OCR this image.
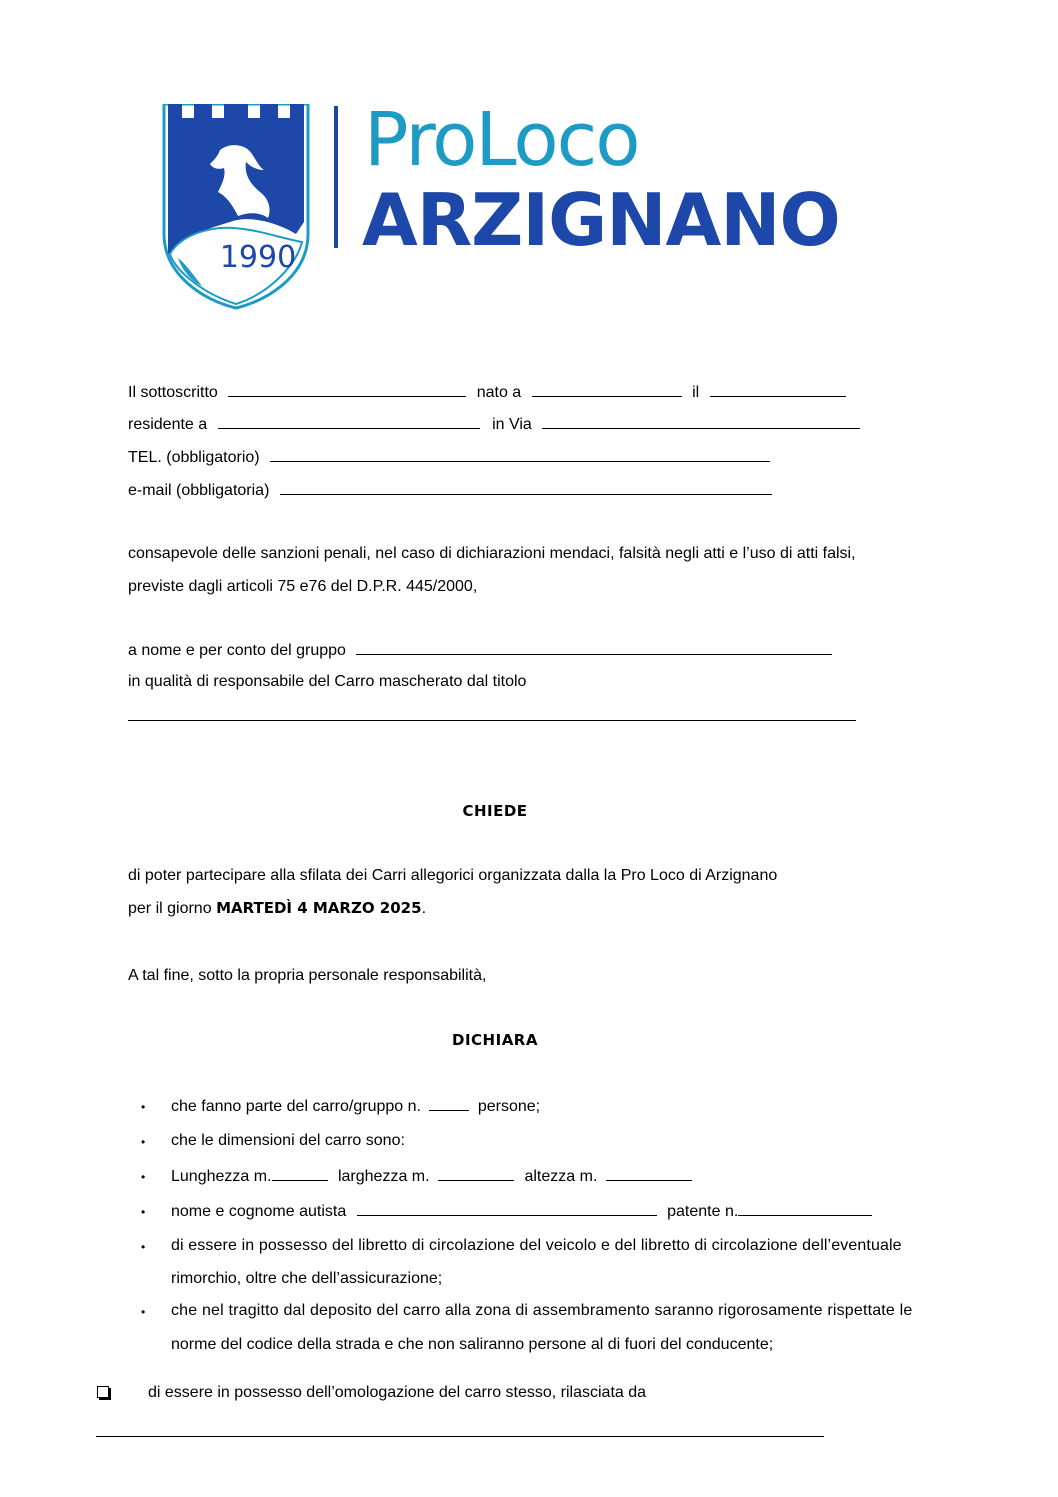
1990
ProLoco
ARZIGNANO
Il sottoscritto	nato a	il
residente a	in Via
TEL. (obbligatorio)
e-mail (obbligatoria)
consapevole delle sanzioni penali, nel caso di dichiarazioni mendaci, falsità negli atti e l’uso di atti falsi,
previste dagli articoli 75 e76 del D.P.R. 445/2000,
a nome e per conto del gruppo
in qualità di responsabile del Carro mascherato dal titolo
CHIEDE
di poter partecipare alla sfilata dei Carri allegorici organizzata dalla la Pro Loco di Arzignano
per il giorno MARTEDÌ 4 MARZO 2025.
A tal fine, sotto la propria personale responsabilità,
DICHIARA
• che fanno parte del carro/gruppo n.	persone;
• che le dimensioni del carro sono:
• Lunghezza m.	larghezza m.	altezza m.
• nome e cognome autista	patente n.
• di essere in possesso del libretto di circolazione del veicolo e del libretto di circolazione dell’eventuale
rimorchio, oltre che dell’assicurazione;
• che nel tragitto dal deposito del carro alla zona di assembramento saranno rigorosamente rispettate le
norme del codice della strada e che non saliranno persone al di fuori del conducente;
di essere in possesso dell’omologazione del carro stesso, rilasciata da
